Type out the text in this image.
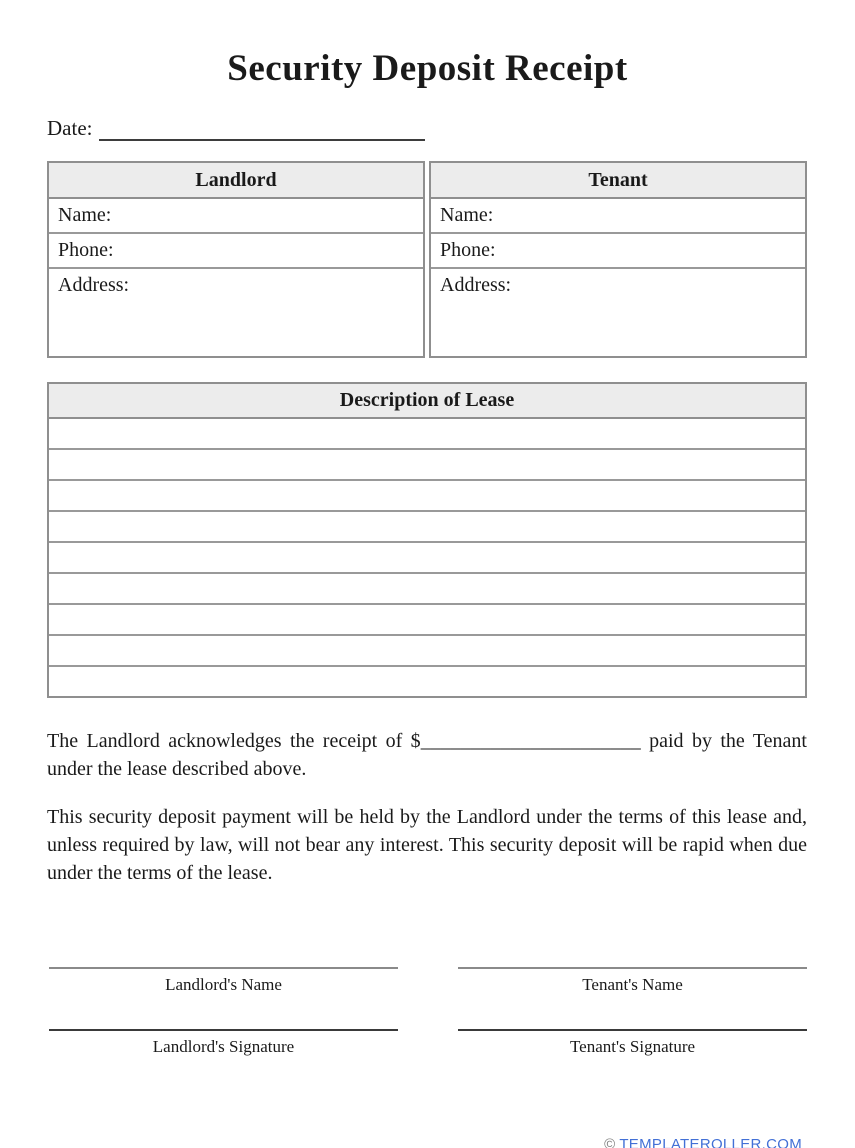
Security Deposit Receipt
Date:
Landlord
Name:
Phone:
Address:
Tenant
Name:
Phone:
Address:
Description of Lease

The Landlord acknowledges the receipt of $______________________ paid by the Tenant under the lease described above.

This security deposit payment will be held by the Landlord under the terms of this lease and, unless required by law, will not bear any interest. This security deposit will be rapid when due under the terms of the lease.

Landlord's Name	Tenant's Name
Landlord's Signature	Tenant's Signature
© TEMPLATEROLLER.COM
